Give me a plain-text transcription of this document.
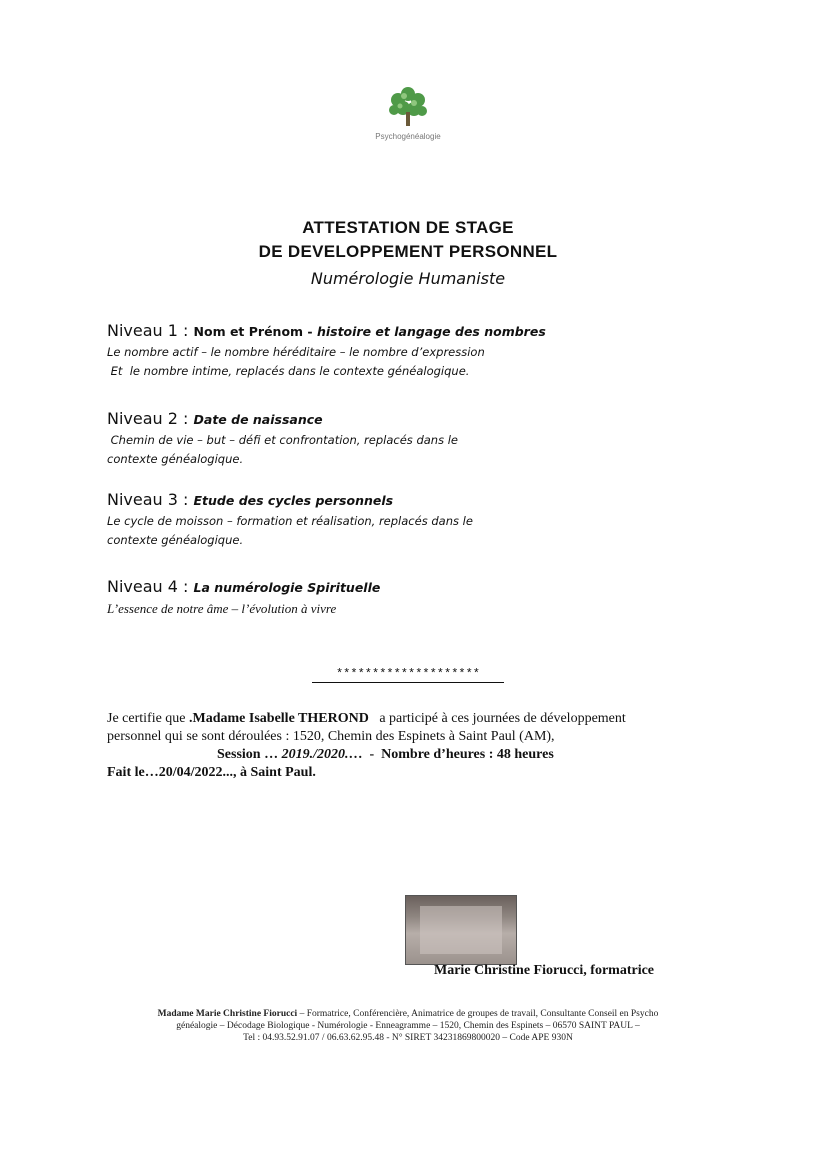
Psychogénéalogie
ATTESTATION DE STAGE
DE DEVELOPPEMENT PERSONNEL
Numérologie Humaniste
Niveau 1 : Nom et Prénom - histoire et langage des nombres
Le nombre actif – le nombre héréditaire – le nombre d’expression
Et  le nombre intime, replacés dans le contexte généalogique.
Niveau 2 : Date de naissance
Chemin de vie – but – défi et confrontation, replacés dans le
contexte généalogique.
Niveau 3 : Etude des cycles personnels
Le cycle de moisson – formation et réalisation, replacés dans le
contexte généalogique.
Niveau 4 : La numérologie Spirituelle
L’essence de notre âme – l’évolution à vivre
********************
Je certifie que .Madame Isabelle THEROND   a participé à ces journées de développement
personnel qui se sont déroulées : 1520, Chemin des Espinets à Saint Paul (AM),
Session … 2019./2020.…  -  Nombre d’heures : 48 heures
Fait le…20/04/2022..., à Saint Paul.
Marie Christine Fiorucci, formatrice
Madame Marie Christine Fiorucci – Formatrice, Conférencière, Animatrice de groupes de travail, Consultante Conseil en Psycho
généalogie – Décodage Biologique - Numérologie - Enneagramme – 1520, Chemin des Espinets – 06570 SAINT PAUL –
Tel : 04.93.52.91.07 / 06.63.62.95.48 - N° SIRET 34231869800020 – Code APE 930N
